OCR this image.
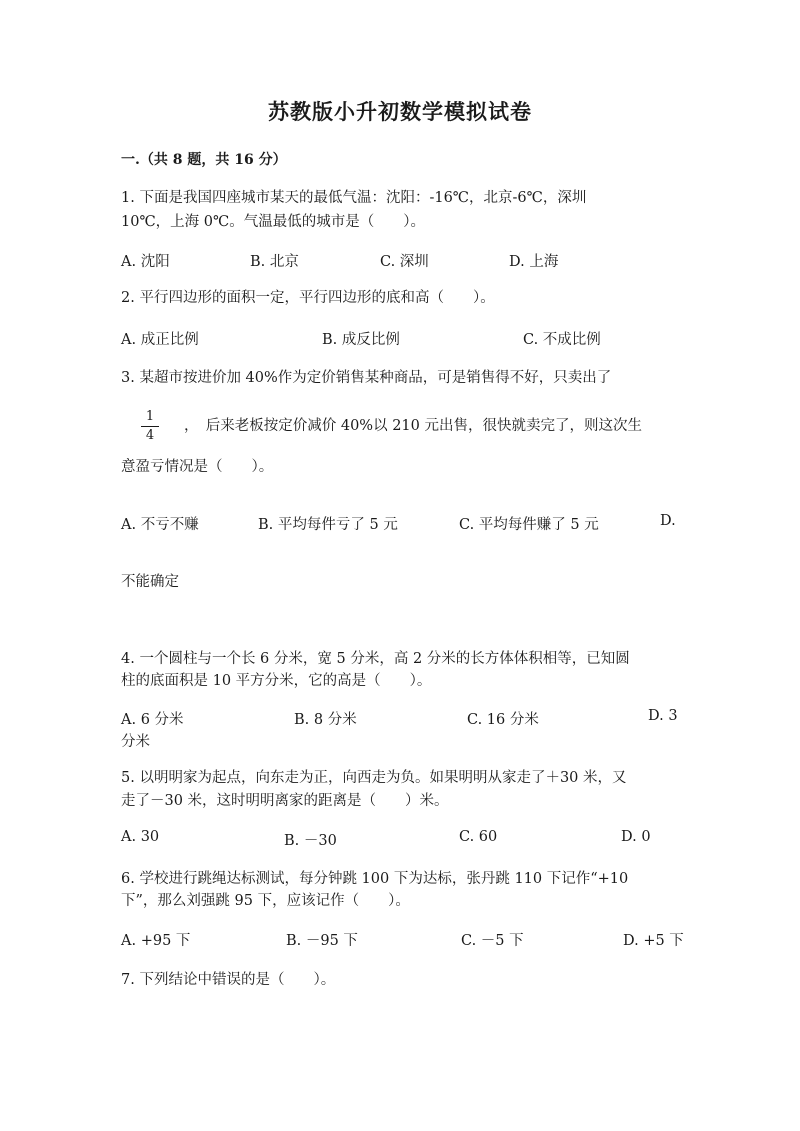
苏教版小升初数学模拟试卷
一.（共 8 题，共 16 分）
1. 下面是我国四座城市某天的最低气温：沈阳：-16℃，北京-6℃，深圳
10℃，上海 0℃。气温最低的城市是（　　）。
A. 沈阳	B. 北京	C. 深圳	D. 上海
2. 平行四边形的面积一定，平行四边形的底和高（　　）。
A. 成正比例	B. 成反比例	C. 不成比例
3. 某超市按进价加 40%作为定价销售某种商品，可是销售得不好，只卖出了
1
4
，　后来老板按定价减价 40%以 210 元出售，很快就卖完了，则这次生
意盈亏情况是（　　）。
A. 不亏不赚	B. 平均每件亏了 5 元	C. 平均每件赚了 5 元	D.
不能确定
4. 一个圆柱与一个长 6 分米，宽 5 分米，高 2 分米的长方体体积相等，已知圆
柱的底面积是 10 平方分米，它的高是（　　）。
A. 6 分米	B. 8 分米	C. 16 分米	D. 3
分米
5. 以明明家为起点，向东走为正，向西走为负。如果明明从家走了＋30 米，又
走了－30 米，这时明明离家的距离是（　　）米。
A. 30	B. －30	C. 60	D. 0
6. 学校进行跳绳达标测试，每分钟跳 100 下为达标，张丹跳 110 下记作“+10
下”，那么刘强跳 95 下，应该记作（　　）。
A. +95 下	B. －95 下	C. －5 下	D. +5 下
7. 下列结论中错误的是（　　）。
